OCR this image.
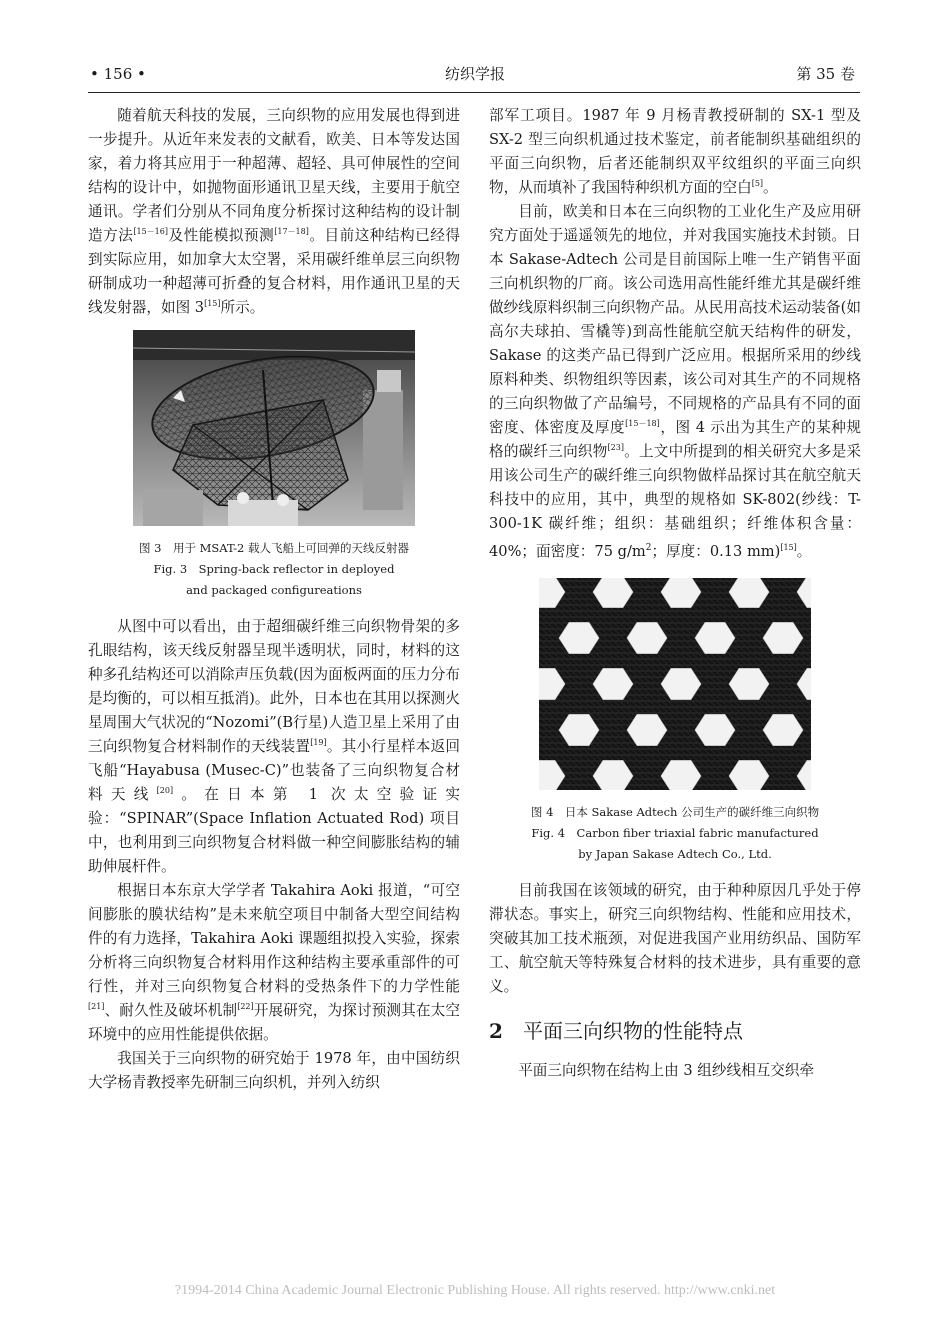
• 156 •	纺织学报	第 35 卷

随着航天科技的发展，三向织物的应用发展也得到进一步提升。从近年来发表的文献看，欧美、日本等发达国家，着力将其应用于一种超薄、超轻、具可伸展性的空间结构的设计中，如抛物面形通讯卫星天线，主要用于航空通讯。学者们分别从不同角度分析探讨这种结构的设计制造方法[15－16]及性能模拟预测[17－18]。目前这种结构已经得到实际应用，如加拿大太空署，采用碳纤维单层三向织物研制成功一种超薄可折叠的复合材料，用作通讯卫星的天线发射器，如图 3[15]所示。

图 3　用于 MSAT-2 载人飞船上可回弹的天线反射器
Fig. 3　Spring-back reflector in deployed
and packaged configureations

从图中可以看出，由于超细碳纤维三向织物骨架的多孔眼结构，该天线反射器呈现半透明状，同时，材料的这种多孔结构还可以消除声压负载(因为面板两面的压力分布是均衡的，可以相互抵消)。此外，日本也在其用以探测火星周围大气状况的“Nozomi”(B行星)人造卫星上采用了由三向织物复合材料制作的天线装置[19]。其小行星样本返回飞船“Hayabusa (Musec-C)”也装备了三向织物复合材料天线[20]。在日本第 1 次太空验证实验：“SPINAR”(Space Inflation Actuated Rod) 项目中，也利用到三向织物复合材料做一种空间膨胀结构的辅助伸展杆件。

根据日本东京大学学者 Takahira Aoki 报道，“可空间膨胀的膜状结构”是未来航空项目中制备大型空间结构件的有力选择，Takahira Aoki 课题组拟投入实验，探索分析将三向织物复合材料用作这种结构主要承重部件的可行性，并对三向织物复合材料的受热条件下的力学性能[21]、耐久性及破坏机制[22]开展研究，为探讨预测其在太空环境中的应用性能提供依据。

我国关于三向织物的研究始于 1978 年，由中国纺织大学杨青教授率先研制三向织机，并列入纺织

部军工项目。1987 年 9 月杨青教授研制的 SX-1 型及 SX-2 型三向织机通过技术鉴定，前者能制织基础组织的平面三向织物，后者还能制织双平纹组织的平面三向织物，从而填补了我国特种织机方面的空白[5]。

目前，欧美和日本在三向织物的工业化生产及应用研究方面处于遥遥领先的地位，并对我国实施技术封锁。日本 Sakase-Adtech 公司是目前国际上唯一生产销售平面三向机织物的厂商。该公司选用高性能纤维尤其是碳纤维做纱线原料织制三向织物产品。从民用高技术运动装备(如高尔夫球拍、雪橇等)到高性能航空航天结构件的研发，Sakase 的这类产品已得到广泛应用。根据所采用的纱线原料种类、织物组织等因素，该公司对其生产的不同规格的三向织物做了产品编号，不同规格的产品具有不同的面密度、体密度及厚度[15－18]，图 4 示出为其生产的某种规格的碳纤三向织物[23]。上文中所提到的相关研究大多是采用该公司生产的碳纤维三向织物做样品探讨其在航空航天科技中的应用，其中，典型的规格如 SK-802(纱线：T-300-1K 碳纤维；组织：基础组织；纤维体积含量：40%；面密度：75 $g/m^2$；厚度：0.13 mm)[15]。

图 4　日本 Sakase Adtech 公司生产的碳纤维三向织物
Fig. 4　Carbon fiber triaxial fabric manufactured
by Japan Sakase Adtech Co., Ltd.

目前我国在该领域的研究，由于种种原因几乎处于停滞状态。事实上，研究三向织物结构、性能和应用技术，突破其加工技术瓶颈，对促进我国产业用纺织品、国防军工、航空航天等特殊复合材料的技术进步，具有重要的意义。

2 平面三向织物的性能特点

平面三向织物在结构上由 3 组纱线相互交织牵

?1994-2014 China Academic Journal Electronic Publishing House. All rights reserved. http://www.cnki.net
